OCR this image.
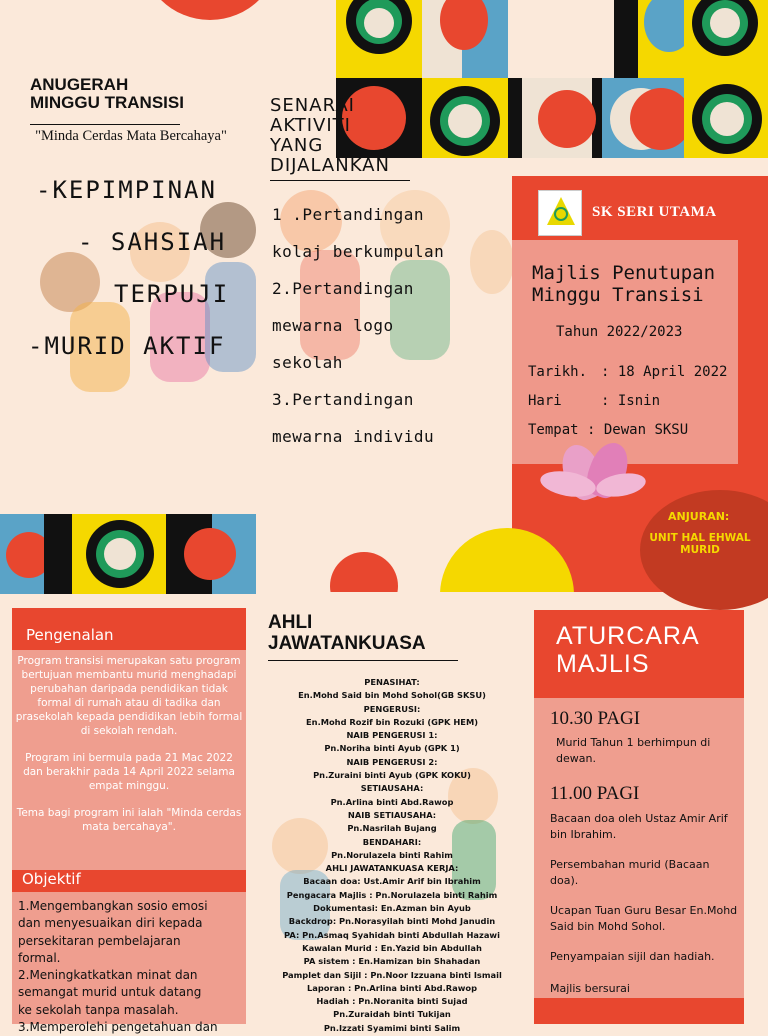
ANUGERAH
MINGGU TRANSISI
"Minda Cerdas Mata Bercahaya"
-KEPIMPINAN
- SAHSIAH
TERPUJI
-MURID AKTIF
SENARAI
AKTIVITI
YANG
DIJALANKAN
1 .Pertandingan
kolaj berkumpulan
2.Pertandingan
mewarna logo
sekolah
3.Pertandingan
mewarna individu
SK SERI UTAMA
Majlis Penutupan
Minggu Transisi
Tahun 2022/2023
Tarikh. : 18 April 2022
Hari	: Isnin
Tempat : Dewan SKSU
ANJURAN:
UNIT HAL EHWAL
MURID
Pengenalan

Program transisi merupakan satu program bertujuan membantu murid menghadapi perubahan daripada pendidikan tidak formal di rumah atau di tadika dan prasekolah kepada pendidikan lebih formal di sekolah rendah.

Program ini bermula pada 21 Mac 2022 dan berakhir pada 14 April 2022 selama empat minggu.

Tema bagi program ini ialah "Minda cerdas mata bercahaya".

Objektif
1.Mengembangkan sosio emosi
dan menyesuaikan diri kepada
persekitaran pembelajaran
formal.
2.Meningkatkatkan minat dan
semangat murid untuk datang
ke sekolah tanpa masalah.
3.Memperolehi pengetahuan dan
AHLI
JAWATANKUASA

PENASIHAT:

En.Mohd Said bin Mohd Sohol(GB SKSU)

PENGERUSI:

En.Mohd Rozif bin Rozuki (GPK HEM)

NAIB PENGERUSI 1:

Pn.Noriha binti Ayub (GPK 1)

NAIB PENGERUSI 2:

Pn.Zuraini binti Ayub (GPK KOKU)

SETIAUSAHA:

Pn.Arlina binti Abd.Rawop

NAIB SETIAUSAHA:

Pn.Nasrilah Bujang

BENDAHARI:

Pn.Norulazela binti Rahim

AHLI JAWATANKUASA KERJA:

Bacaan doa: Ust.Amir Arif bin Ibrahim

Pengacara Majlis : Pn.Norulazela binti Rahim

Dokumentasi: En.Azman bin Ayub

Backdrop: Pn.Norasyilah binti Mohd Janudin

PA: Pn.Asmaq Syahidah binti Abdullah Hazawi

Kawalan Murid : En.Yazid bin Abdullah

PA sistem : En.Hamizan bin Shahadan

Pamplet dan Sijil : Pn.Noor Izzuana binti Ismail

Laporan : Pn.Arlina binti Abd.Rawop

Hadiah : Pn.Noranita binti Sujad

Pn.Zuraidah binti Tukijan

Pn.Izzati Syamimi binti Salim

ATURCARA
MAJLIS
10.30 PAGI
Murid Tahun 1 berhimpun di dewan.
11.00 PAGI
Bacaan doa oleh Ustaz Amir Arif bin Ibrahim.
Persembahan murid (Bacaan doa).
Ucapan Tuan Guru Besar En.Mohd Said bin Mohd Sohol.
Penyampaian sijil dan hadiah.
Majlis bersurai
